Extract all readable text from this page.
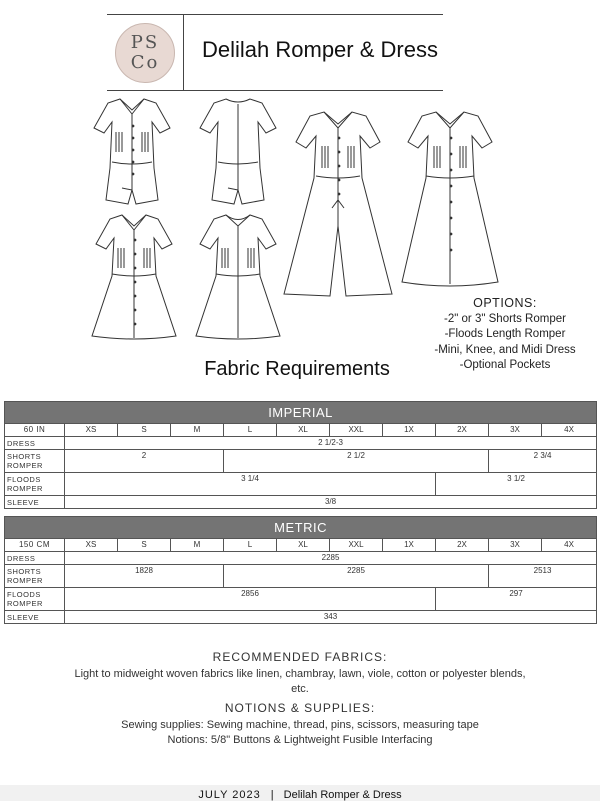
PS
Co
Delilah Romper & Dress
OPTIONS:
-2" or 3" Shorts Romper
-Floods Length Romper
-Mini, Knee, and Midi Dress
-Optional Pockets
Fabric Requirements
IMPERIAL										
60 IN	XS	S	M	L	XL	XXL	1X	2X	3X	4X
DRESS	2 1/2-3									
SHORTS
ROMPER	2			2 1/2					2 3/4	
FLOODS
ROMPER	3 1/4							3 1/2		
SLEEVE	3/8									
METRIC										
150 CM	XS	S	M	L	XL	XXL	1X	2X	3X	4X
DRESS	2285									
SHORTS
ROMPER	1828			2285					2513	
FLOODS
ROMPER	2856							297		
SLEEVE	343									
RECOMMENDED FABRICS:
Light to midweight woven fabrics like linen, chambray, lawn, viole, cotton or polyester blends,
etc.
NOTIONS & SUPPLIES:
Sewing supplies: Sewing machine, thread, pins, scissors, measuring tape
Notions: 5/8" Buttons & Lightweight Fusible Interfacing
JULY 2023 | Delilah Romper & Dress
